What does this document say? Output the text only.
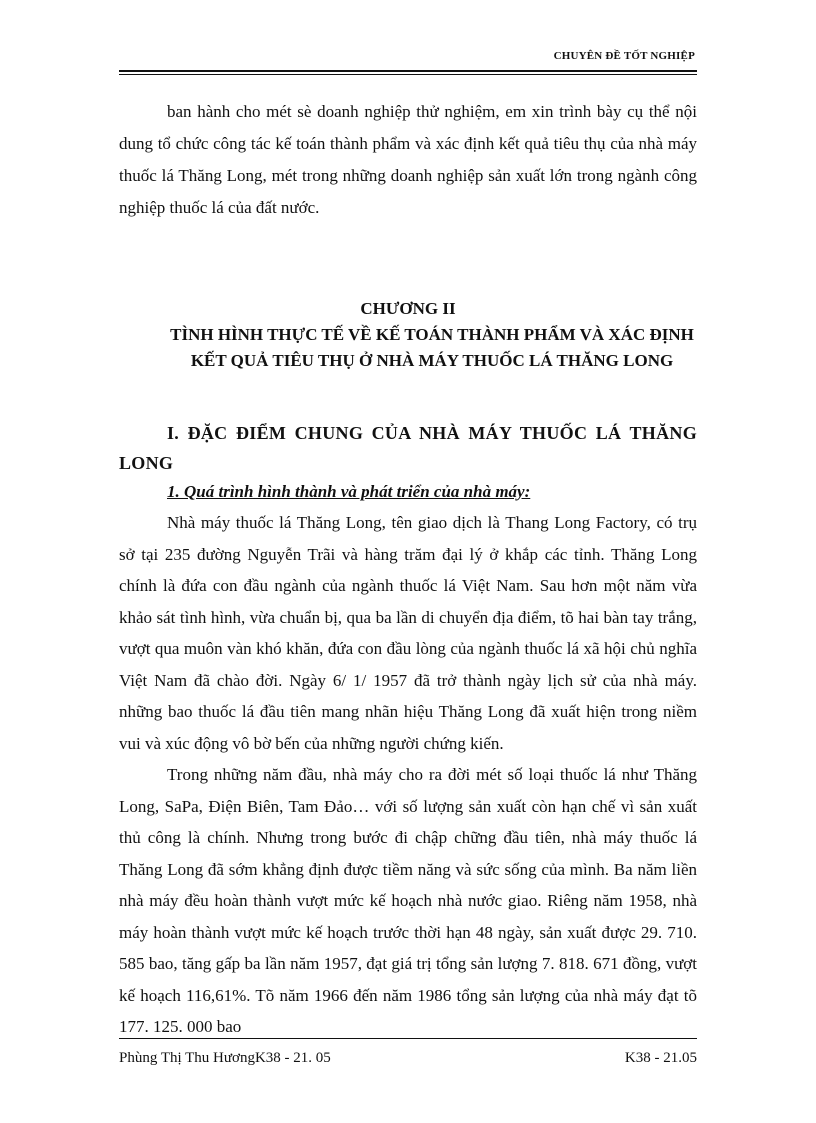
CHUYÊN ĐỀ TỐT NGHIỆP
ban hành cho mét sè doanh nghiệp thử nghiệm, em xin trình bày cụ thể nội dung tổ chức công tác kế toán thành phẩm và xác định kết quả tiêu thụ của nhà máy thuốc lá Thăng Long, mét trong những doanh nghiệp sản xuất lớn trong ngành công nghiệp thuốc lá của đất nước.
CHƯƠNG II
TÌNH HÌNH THỰC TẾ VỀ KẾ TOÁN THÀNH PHẨM VÀ XÁC ĐỊNH KẾT QUẢ TIÊU THỤ Ở NHÀ MÁY THUỐC LÁ THĂNG LONG
I. ĐẶC ĐIỂM CHUNG CỦA NHÀ MÁY THUỐC LÁ THĂNG LONG
1. Quá trình hình thành và phát triển của nhà máy:

Nhà máy thuốc lá Thăng Long, tên giao dịch là Thang Long Factory, có trụ sở tại 235 đường Nguyễn Trãi và hàng trăm đại lý ở khắp các tỉnh. Thăng Long chính là đứa con đầu ngành của ngành thuốc lá Việt Nam. Sau hơn một năm vừa khảo sát tình hình, vừa chuẩn bị, qua ba lần di chuyển địa điểm, tõ hai bàn tay trắng, vượt qua muôn vàn khó khăn, đứa con đầu lòng của ngành thuốc lá xã hội chủ nghĩa Việt Nam đã chào đời. Ngày 6/ 1/ 1957 đã trở thành ngày lịch sử của nhà máy. những bao thuốc lá đầu tiên mang nhãn hiệu Thăng Long đã xuất hiện trong niềm vui và xúc động vô bờ bến của những người chứng kiến.

Trong những năm đầu, nhà máy cho ra đời mét số loại thuốc lá như Thăng Long, SaPa, Điện Biên, Tam Đảo… với số lượng sản xuất còn hạn chế vì sản xuất thủ công là chính. Nhưng trong bước đi chập chững đầu tiên, nhà máy thuốc lá Thăng Long đã sớm khẳng định được tiềm năng và sức sống của mình. Ba năm liền nhà máy đều hoàn thành vượt mức kế hoạch nhà nước giao. Riêng năm 1958, nhà máy hoàn thành vượt mức kế hoạch trước thời hạn 48 ngày, sản xuất được 29. 710. 585 bao, tăng gấp ba lần năm 1957, đạt giá trị tổng sản lượng 7. 818. 671 đồng, vượt kế hoạch 116,61%. Tõ năm 1966 đến năm 1986 tổng sản lượng của nhà máy đạt tõ 177. 125. 000 bao

Phùng Thị Thu HươngK38 - 21. 05	K38 - 21.05
